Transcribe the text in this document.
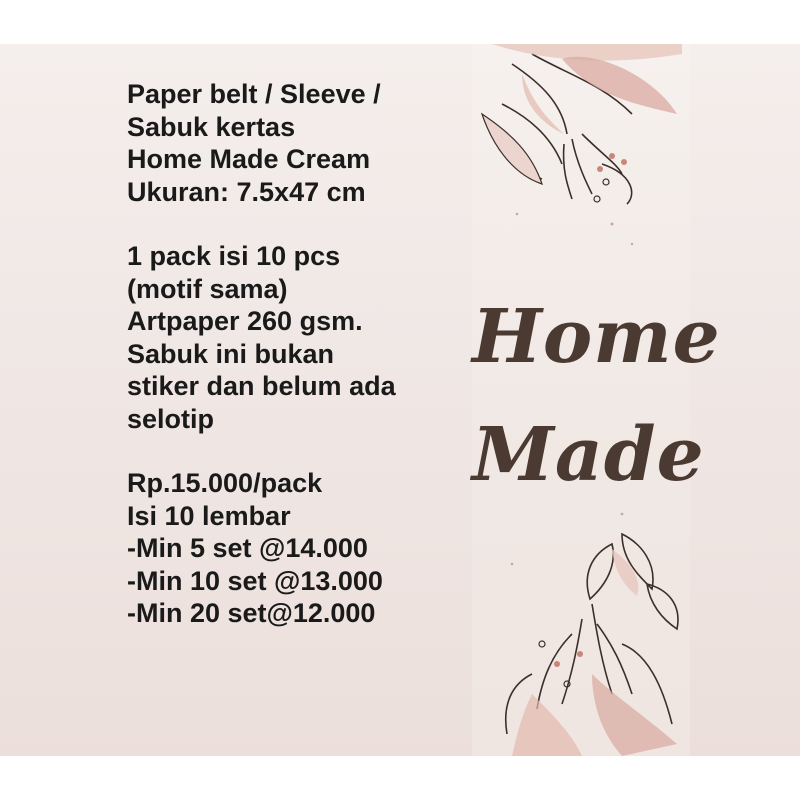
Paper belt / Sleeve /
Sabuk kertas
Home Made Cream
Ukuran: 7.5x47 cm
1 pack isi 10 pcs
(motif sama)
Artpaper 260 gsm.
Sabuk ini bukan
stiker dan belum ada
selotip
Rp.15.000/pack
Isi 10 lembar
-Min 5 set @14.000
-Min 10 set @13.000
-Min 20 set@12.000
Home
Made
